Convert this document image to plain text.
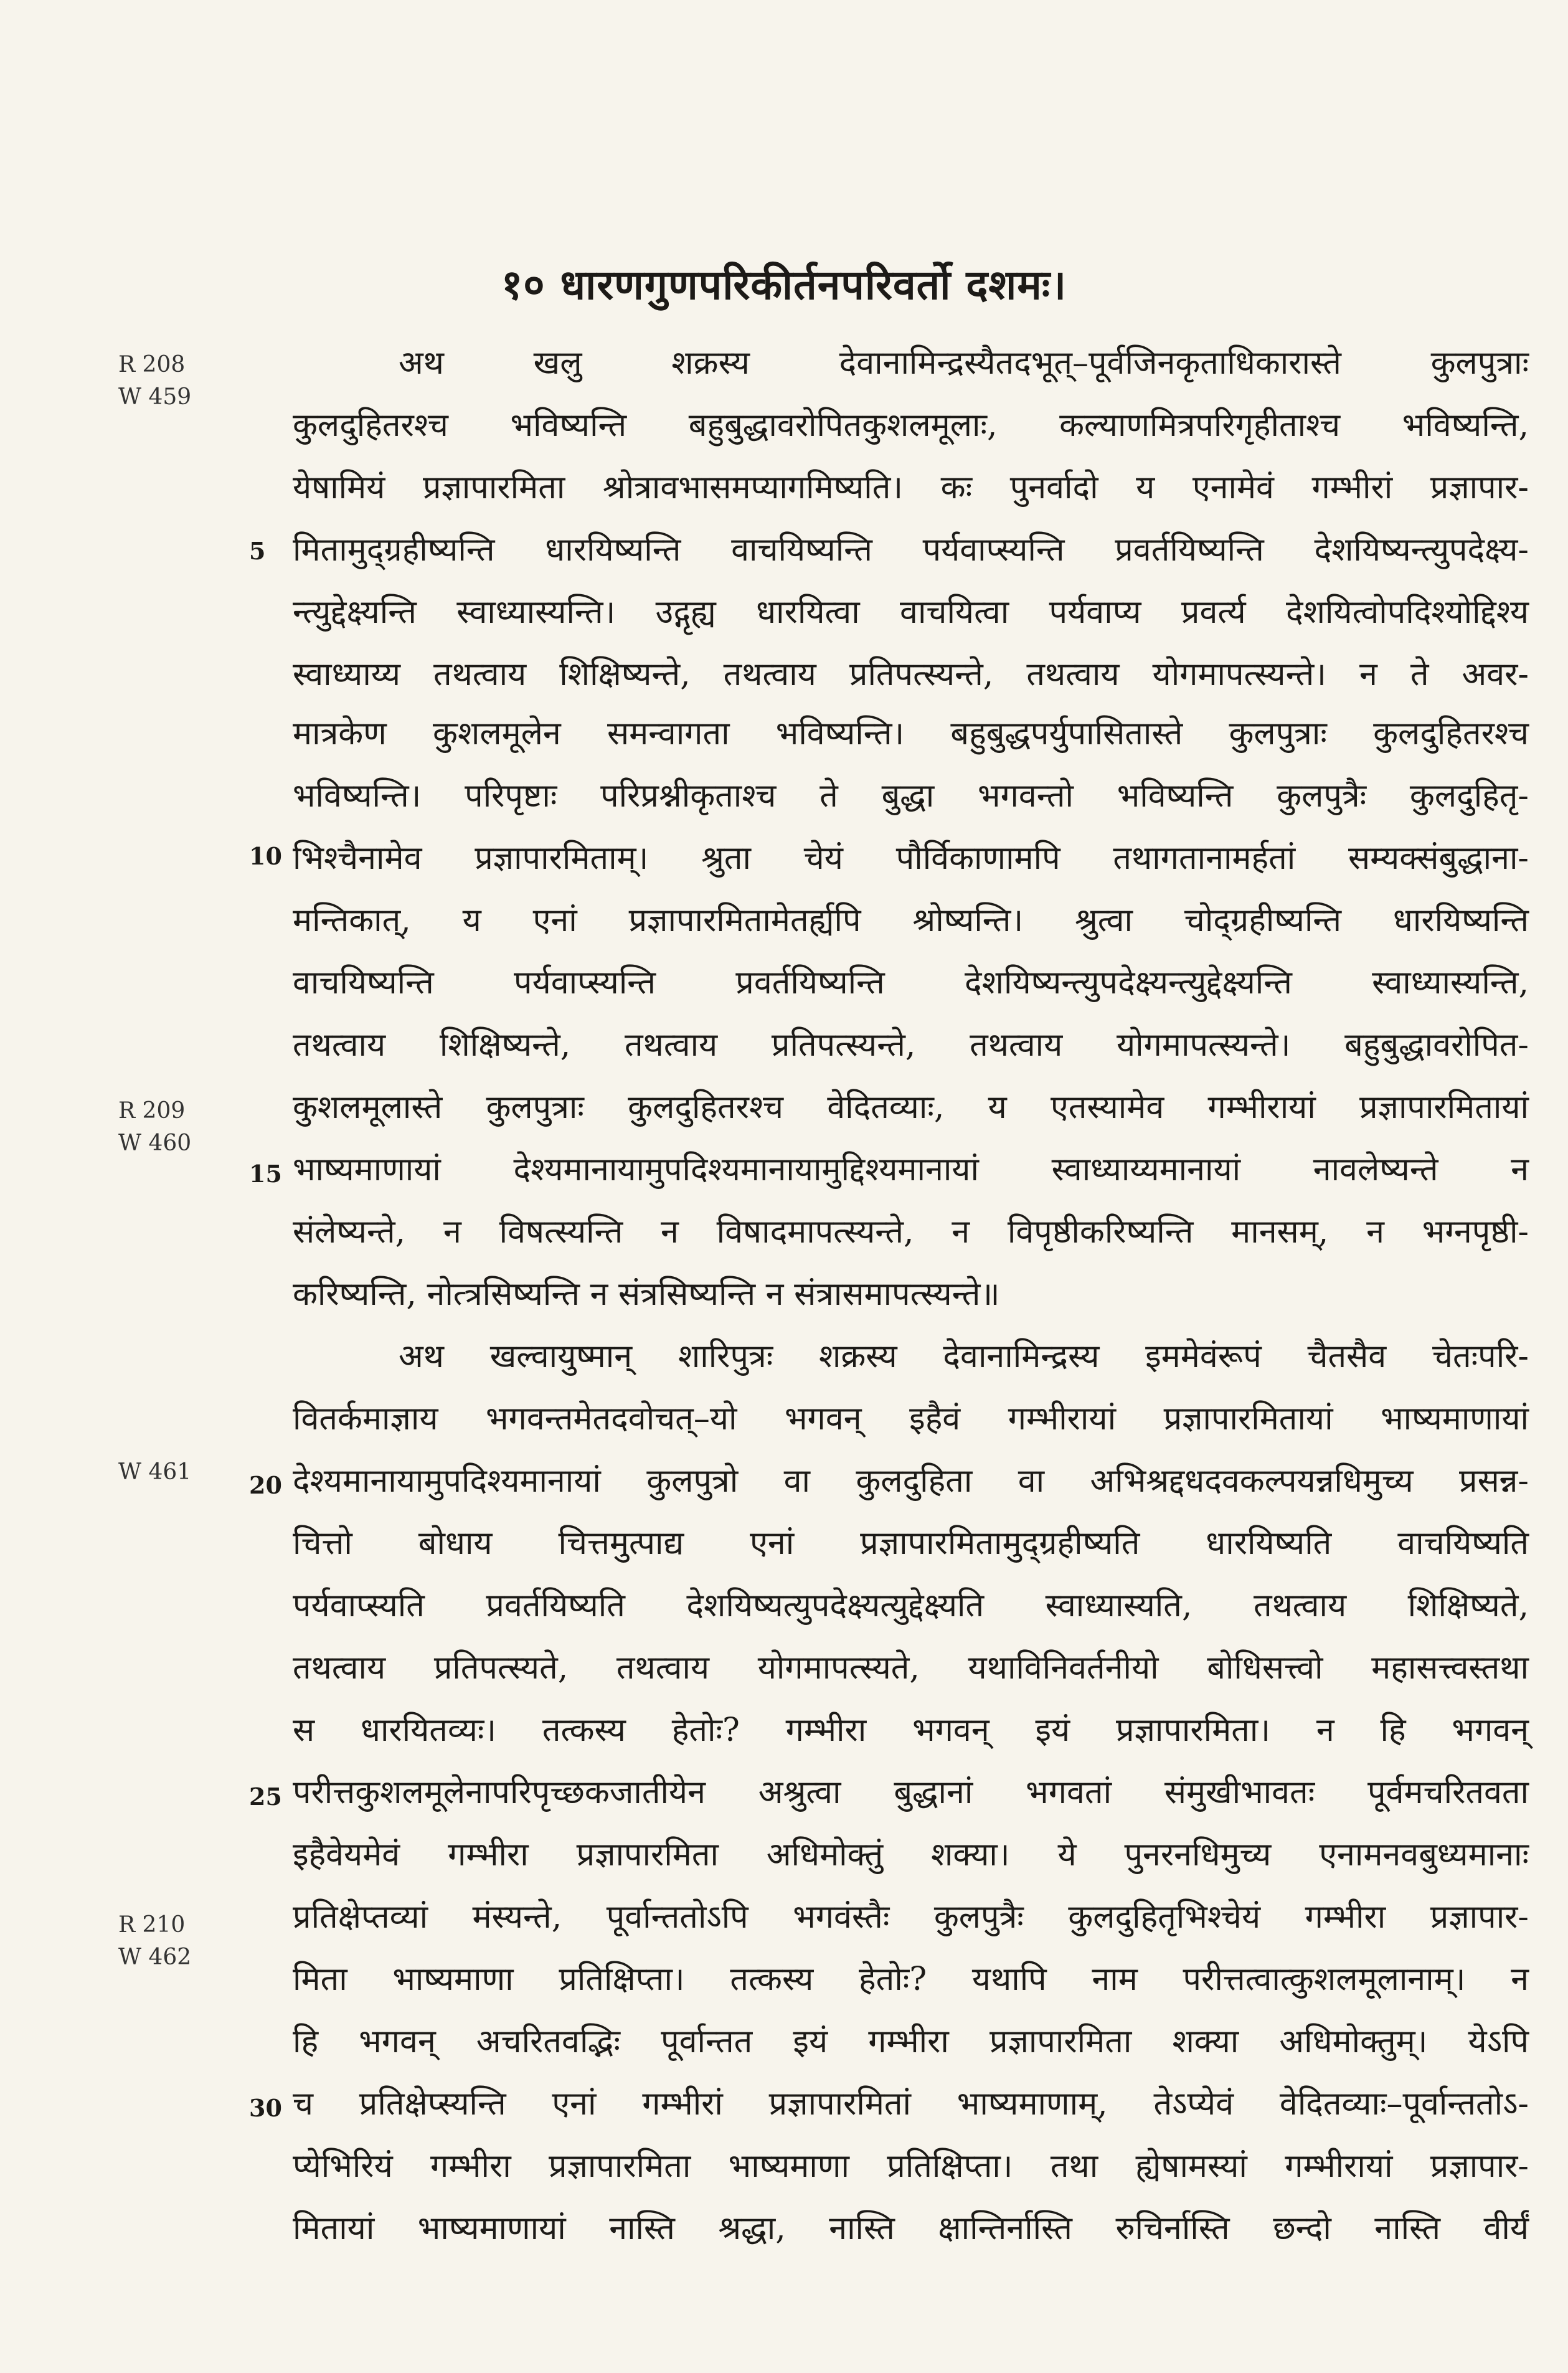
१० धारणगुणपरिकीर्तनपरिवर्तो दशमः।
R 208
W 459
R 209
W 460
W 461
R 210
W 462
5
10
15
20
25
30
अथ खलु शक्रस्य देवानामिन्द्रस्यैतदभूत्–पूर्वजिनकृताधिकारास्ते कुलपुत्राः
कुलदुहितरश्च भविष्यन्ति बहुबुद्धावरोपितकुशलमूलाः, कल्याणमित्रपरिगृहीताश्च भविष्यन्ति,
येषामियं प्रज्ञापारमिता श्रोत्रावभासमप्यागमिष्यति। कः पुनर्वादो य एनामेवं गम्भीरां प्रज्ञापार-
मितामुद्ग्रहीष्यन्ति धारयिष्यन्ति वाचयिष्यन्ति पर्यवाप्स्यन्ति प्रवर्तयिष्यन्ति देशयिष्यन्त्युपदेक्ष्य-
न्त्युद्देक्ष्यन्ति स्वाध्यास्यन्ति। उद्गृह्य धारयित्वा वाचयित्वा पर्यवाप्य प्रवर्त्य देशयित्वोपदिश्योद्दिश्य
स्वाध्याय्य तथत्वाय शिक्षिष्यन्ते, तथत्वाय प्रतिपत्स्यन्ते, तथत्वाय योगमापत्स्यन्ते। न ते अवर-
मात्रकेण कुशलमूलेन समन्वागता भविष्यन्ति। बहुबुद्धपर्युपासितास्ते कुलपुत्राः कुलदुहितरश्च
भविष्यन्ति। परिपृष्टाः परिप्रश्नीकृताश्च ते बुद्धा भगवन्तो भविष्यन्ति कुलपुत्रैः कुलदुहितृ-
भिश्चैनामेव प्रज्ञापारमिताम्। श्रुता चेयं पौर्विकाणामपि तथागतानामर्हतां सम्यक्संबुद्धाना-
मन्तिकात्, य एनां प्रज्ञापारमितामेतर्ह्यपि श्रोष्यन्ति। श्रुत्वा चोद्ग्रहीष्यन्ति धारयिष्यन्ति
वाचयिष्यन्ति पर्यवाप्स्यन्ति प्रवर्तयिष्यन्ति देशयिष्यन्त्युपदेक्ष्यन्त्युद्देक्ष्यन्ति स्वाध्यास्यन्ति,
तथत्वाय शिक्षिष्यन्ते, तथत्वाय प्रतिपत्स्यन्ते, तथत्वाय योगमापत्स्यन्ते। बहुबुद्धावरोपित-
कुशलमूलास्ते कुलपुत्राः कुलदुहितरश्च वेदितव्याः, य एतस्यामेव गम्भीरायां प्रज्ञापारमितायां
भाष्यमाणायां देश्यमानायामुपदिश्यमानायामुद्दिश्यमानायां स्वाध्याय्यमानायां नावलेष्यन्ते न
संलेष्यन्ते, न विषत्स्यन्ति न विषादमापत्स्यन्ते, न विपृष्ठीकरिष्यन्ति मानसम्, न भग्नपृष्ठी-
करिष्यन्ति, नोत्त्रसिष्यन्ति न संत्रसिष्यन्ति न संत्रासमापत्स्यन्ते॥
अथ खल्वायुष्मान् शारिपुत्रः शक्रस्य देवानामिन्द्रस्य इममेवंरूपं चैतसैव चेतःपरि-
वितर्कमाज्ञाय भगवन्तमेतदवोचत्–यो भगवन् इहैवं गम्भीरायां प्रज्ञापारमितायां भाष्यमाणायां
देश्यमानायामुपदिश्यमानायां कुलपुत्रो वा कुलदुहिता वा अभिश्रद्दधदवकल्पयन्नधिमुच्य प्रसन्न-
चित्तो बोधाय चित्तमुत्पाद्य एनां प्रज्ञापारमितामुद्ग्रहीष्यति धारयिष्यति वाचयिष्यति
पर्यवाप्स्यति प्रवर्तयिष्यति देशयिष्यत्युपदेक्ष्यत्युद्देक्ष्यति स्वाध्यास्यति, तथत्वाय शिक्षिष्यते,
तथत्वाय प्रतिपत्स्यते, तथत्वाय योगमापत्स्यते, यथाविनिवर्तनीयो बोधिसत्त्वो महासत्त्वस्तथा
स धारयितव्यः। तत्कस्य हेतोः? गम्भीरा भगवन् इयं प्रज्ञापारमिता। न हि भगवन्
परीत्तकुशलमूलेनापरिपृच्छकजातीयेन अश्रुत्वा बुद्धानां भगवतां संमुखीभावतः पूर्वमचरितवता
इहैवेयमेवं गम्भीरा प्रज्ञापारमिता अधिमोक्तुं शक्या। ये पुनरनधिमुच्य एनामनवबुध्यमानाः
प्रतिक्षेप्तव्यां मंस्यन्ते, पूर्वान्ततोऽपि भगवंस्तैः कुलपुत्रैः कुलदुहितृभिश्चेयं गम्भीरा प्रज्ञापार-
मिता भाष्यमाणा प्रतिक्षिप्ता। तत्कस्य हेतोः? यथापि नाम परीत्तत्वात्कुशलमूलानाम्। न
हि भगवन् अचरितवद्भिः पूर्वान्तत इयं गम्भीरा प्रज्ञापारमिता शक्या अधिमोक्तुम्। येऽपि
च प्रतिक्षेप्स्यन्ति एनां गम्भीरां प्रज्ञापारमितां भाष्यमाणाम्, तेऽप्येवं वेदितव्याः–पूर्वान्ततोऽ-
प्येभिरियं गम्भीरा प्रज्ञापारमिता भाष्यमाणा प्रतिक्षिप्ता। तथा ह्येषामस्यां गम्भीरायां प्रज्ञापार-
मितायां भाष्यमाणायां नास्ति श्रद्धा, नास्ति क्षान्तिर्नास्ति रुचिर्नास्ति छन्दो नास्ति वीर्यं
